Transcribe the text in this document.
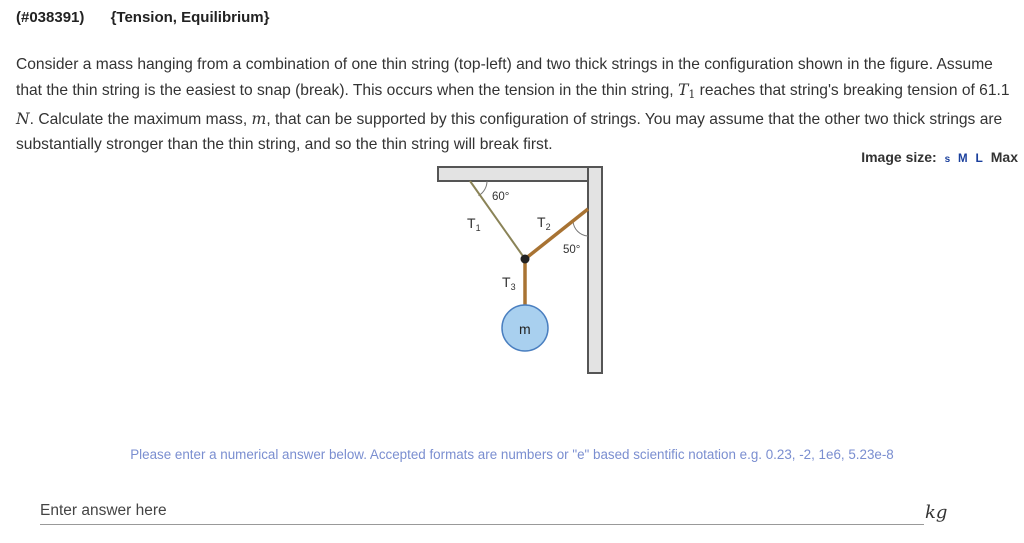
(#038391) {Tension, Equilibrium}
Consider a mass hanging from a combination of one thin string (top-left) and two thick strings in the configuration shown in the figure. Assume that the thin string is the easiest to snap (break). This occurs when the tension in the thin string, $T_1$ reaches that string's breaking tension of 61.1 N. Calculate the maximum mass, m, that can be supported by this configuration of strings. You may assume that the other two thick strings are substantially stronger than the thin string, and so the thin string will break first.
Image size: s M L Max
60°
50°
$T_1$	$T_2$
$T_3$
m
Please enter a numerical answer below. Accepted formats are numbers or "e" based scientific notation e.g. 0.23, -2, 1e6, 5.23e-8
Enter answer here
kg
